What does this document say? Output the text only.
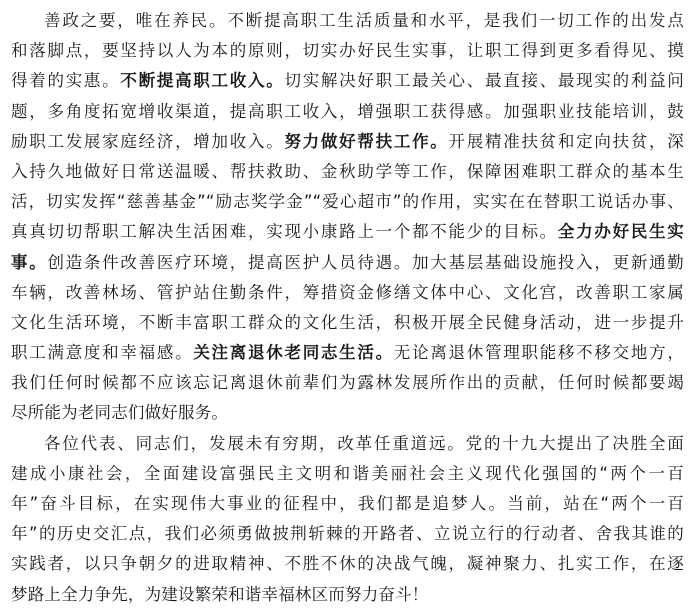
善政之要，唯在养民。不断提高职工生活质量和水平，是我们一切工作的出发点
和落脚点，要坚持以人为本的原则，切实办好民生实事，让职工得到更多看得见、摸
得着的实惠。不断提高职工收入。切实解决好职工最关心、最直接、最现实的利益问
题，多角度拓宽增收渠道，提高职工收入，增强职工获得感。加强职业技能培训，鼓
励职工发展家庭经济，增加收入。努力做好帮扶工作。开展精准扶贫和定向扶贫，深
入持久地做好日常送温暖、帮扶救助、金秋助学等工作，保障困难职工群众的基本生
活，切实发挥“慈善基金”“励志奖学金”“爱心超市”的作用，实实在在替职工说话办事、
真真切切帮职工解决生活困难，实现小康路上一个都不能少的目标。全力办好民生实
事。创造条件改善医疗环境，提高医护人员待遇。加大基层基础设施投入，更新通勤
车辆，改善林场、管护站住勤条件，筹措资金修缮文体中心、文化宫，改善职工家属
文化生活环境，不断丰富职工群众的文化生活，积极开展全民健身活动，进一步提升
职工满意度和幸福感。关注离退休老同志生活。无论离退休管理职能移不移交地方，
我们任何时候都不应该忘记离退休前辈们为露林发展所作出的贡献，任何时候都要竭
尽所能为老同志们做好服务。
各位代表、同志们，发展未有穷期，改革任重道远。党的十九大提出了决胜全面
建成小康社会，全面建设富强民主文明和谐美丽社会主义现代化强国的“两个一百
年”奋斗目标，在实现伟大事业的征程中，我们都是追梦人。当前，站在“两个一百
年”的历史交汇点，我们必须勇做披荆斩棘的开路者、立说立行的行动者、舍我其谁的
实践者，以只争朝夕的进取精神、不胜不休的决战气魄，凝神聚力、扎实工作，在逐
梦路上全力争先，为建设繁荣和谐幸福林区而努力奋斗！
